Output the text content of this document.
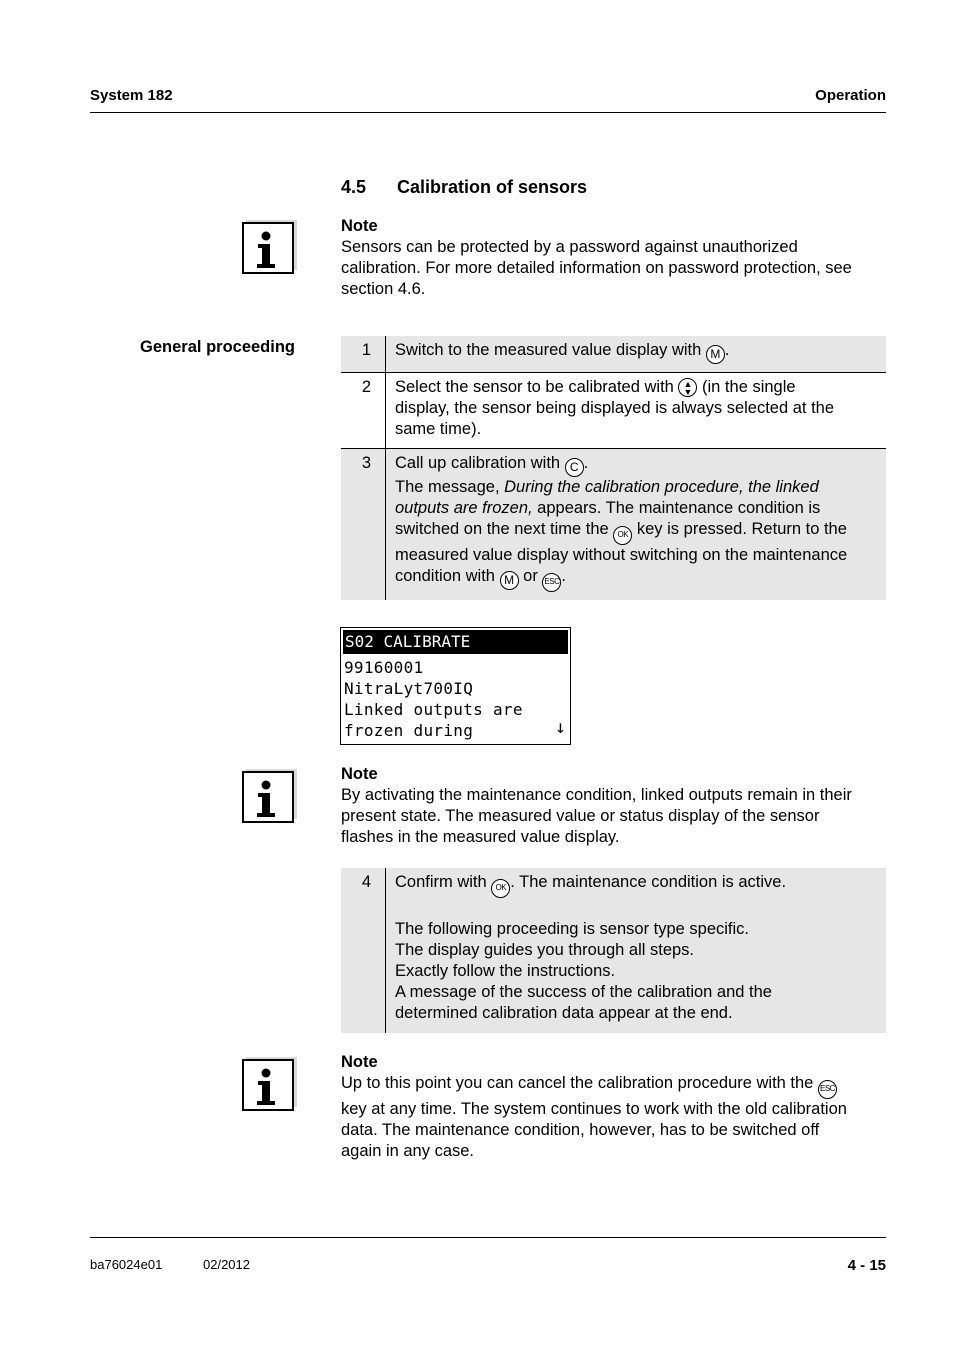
System 182	Operation
4.5 Calibration of sensors
Note
Sensors can be protected by a password against unauthorized
calibration. For more detailed information on password protection, see
section 4.6.
General proceeding	1	Switch to the measured value display with M .
2	Select the sensor to be calibrated with ▲
▼ (in the single
display, the sensor being displayed is always selected at the
same time).
3	Call up calibration with C .
The message, During the calibration procedure, the linked
outputs are frozen, appears. The maintenance condition is
switched on the next time the OK key is pressed. Return to the
measured value display without switching on the maintenance
condition with M or ESC .
S02 CALIBRATE
99160001
NitraLyt700IQ
Linked outputs are
frozen during	↓
Note
By activating the maintenance condition, linked outputs remain in their
present state. The measured value or status display of the sensor
flashes in the measured value display.
4	Confirm with OK . The maintenance condition is active.
The following proceeding is sensor type specific.
The display guides you through all steps.
Exactly follow the instructions.
A message of the success of the calibration and the
determined calibration data appear at the end.
Note
Up to this point you can cancel the calibration procedure with the ESC
key at any time. The system continues to work with the old calibration
data. The maintenance condition, however, has to be switched off
again in any case.
ba76024e01	02/2012	4 - 15
